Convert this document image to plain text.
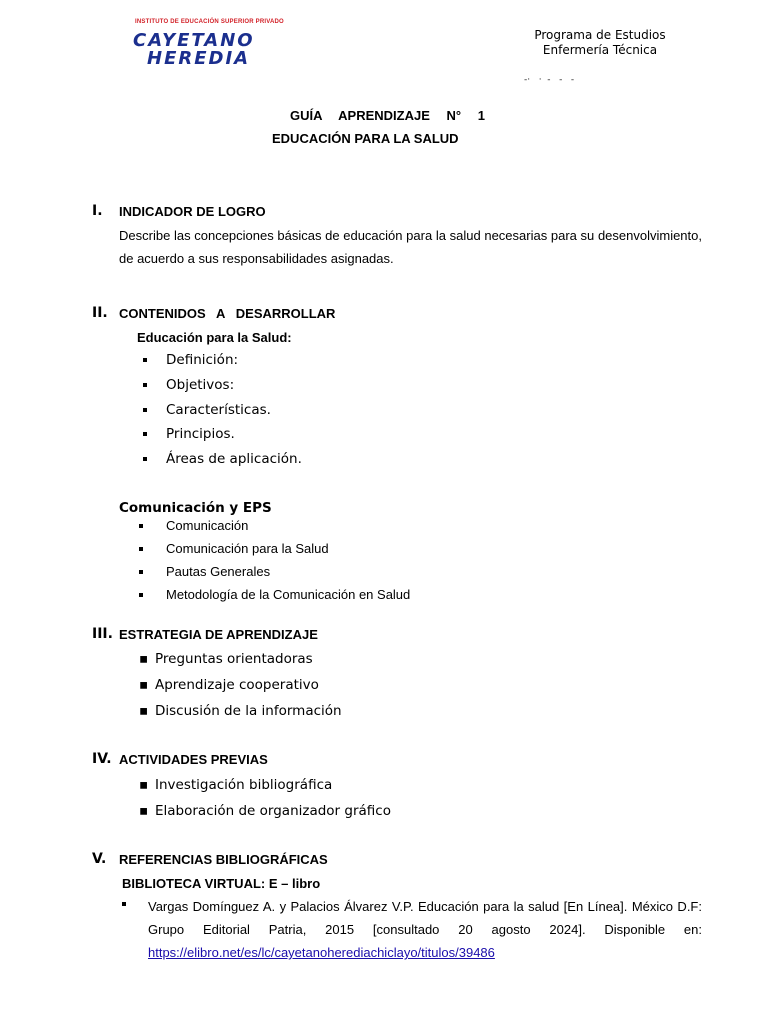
INSTITUTO DE EDUCACIÓN SUPERIOR PRIVADO
CAYETANO
HEREDIA
Programa de Estudios
Enfermería Técnica
-·   ·  -   -   -
GUÍA APRENDIZAJE N° 1
EDUCACIÓN PARA LA SALUD
I. INDICADOR DE LOGRO
Describe las concepciones básicas de educación para la salud necesarias para su desenvolvimiento, de acuerdo a sus responsabilidades asignadas.
II. CONTENIDOS   A   DESARROLLAR
Educación para la Salud:
Definición:
Objetivos:
Características.
Principios.
Áreas de aplicación.
Comunicación y EPS
Comunicación
Comunicación para la Salud
Pautas Generales
Metodología de la Comunicación en Salud
III. ESTRATEGIA DE APRENDIZAJE
▪ Preguntas orientadoras
▪ Aprendizaje cooperativo
▪ Discusión de la información
IV. ACTIVIDADES PREVIAS
▪ Investigación bibliográfica
▪ Elaboración de organizador gráfico
V. REFERENCIAS BIBLIOGRÁFICAS
BIBLIOTECA VIRTUAL: E – libro
Vargas Domínguez A. y Palacios Álvarez V.P. Educación para la salud [En Línea]. México D.F: Grupo Editorial Patria, 2015 [consultado 20 agosto 2024]. Disponible en: https://elibro.net/es/lc/cayetanoherediachiclayo/titulos/39486
